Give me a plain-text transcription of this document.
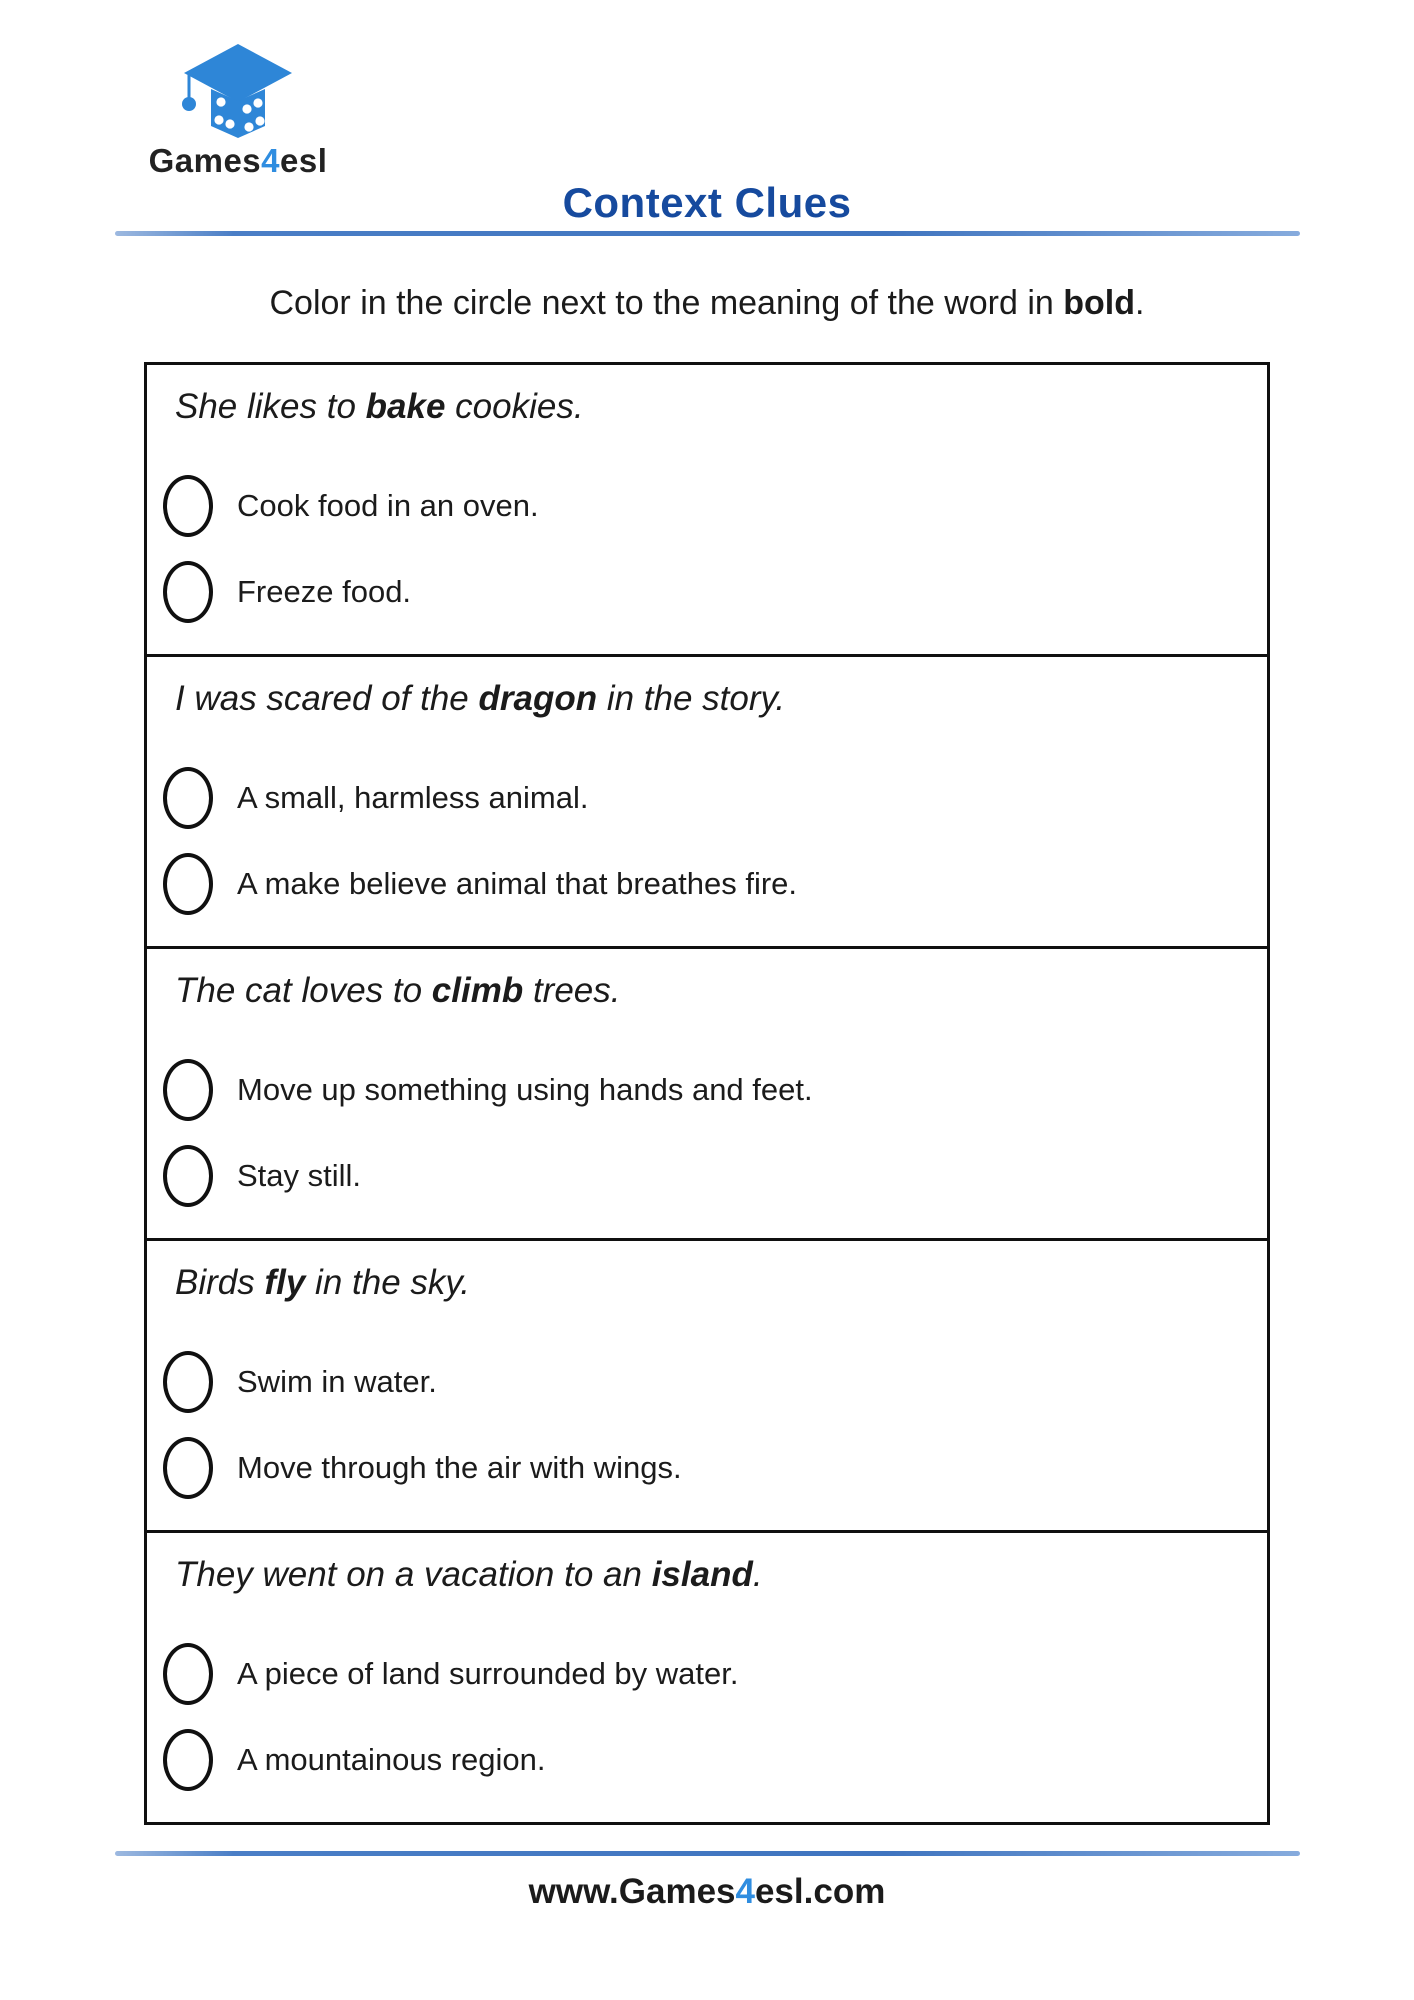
Games4esl
Context Clues

Color in the circle next to the meaning of the word in bold.

She likes to bake cookies.

Cook food in an oven.
Freeze food.

I was scared of the dragon in the story.

A small, harmless animal.
A make believe animal that breathes fire.

The cat loves to climb trees.

Move up something using hands and feet.
Stay still.

Birds fly in the sky.

Swim in water.
Move through the air with wings.

They went on a vacation to an island.

A piece of land surrounded by water.
A mountainous region.
www.Games4esl.com
